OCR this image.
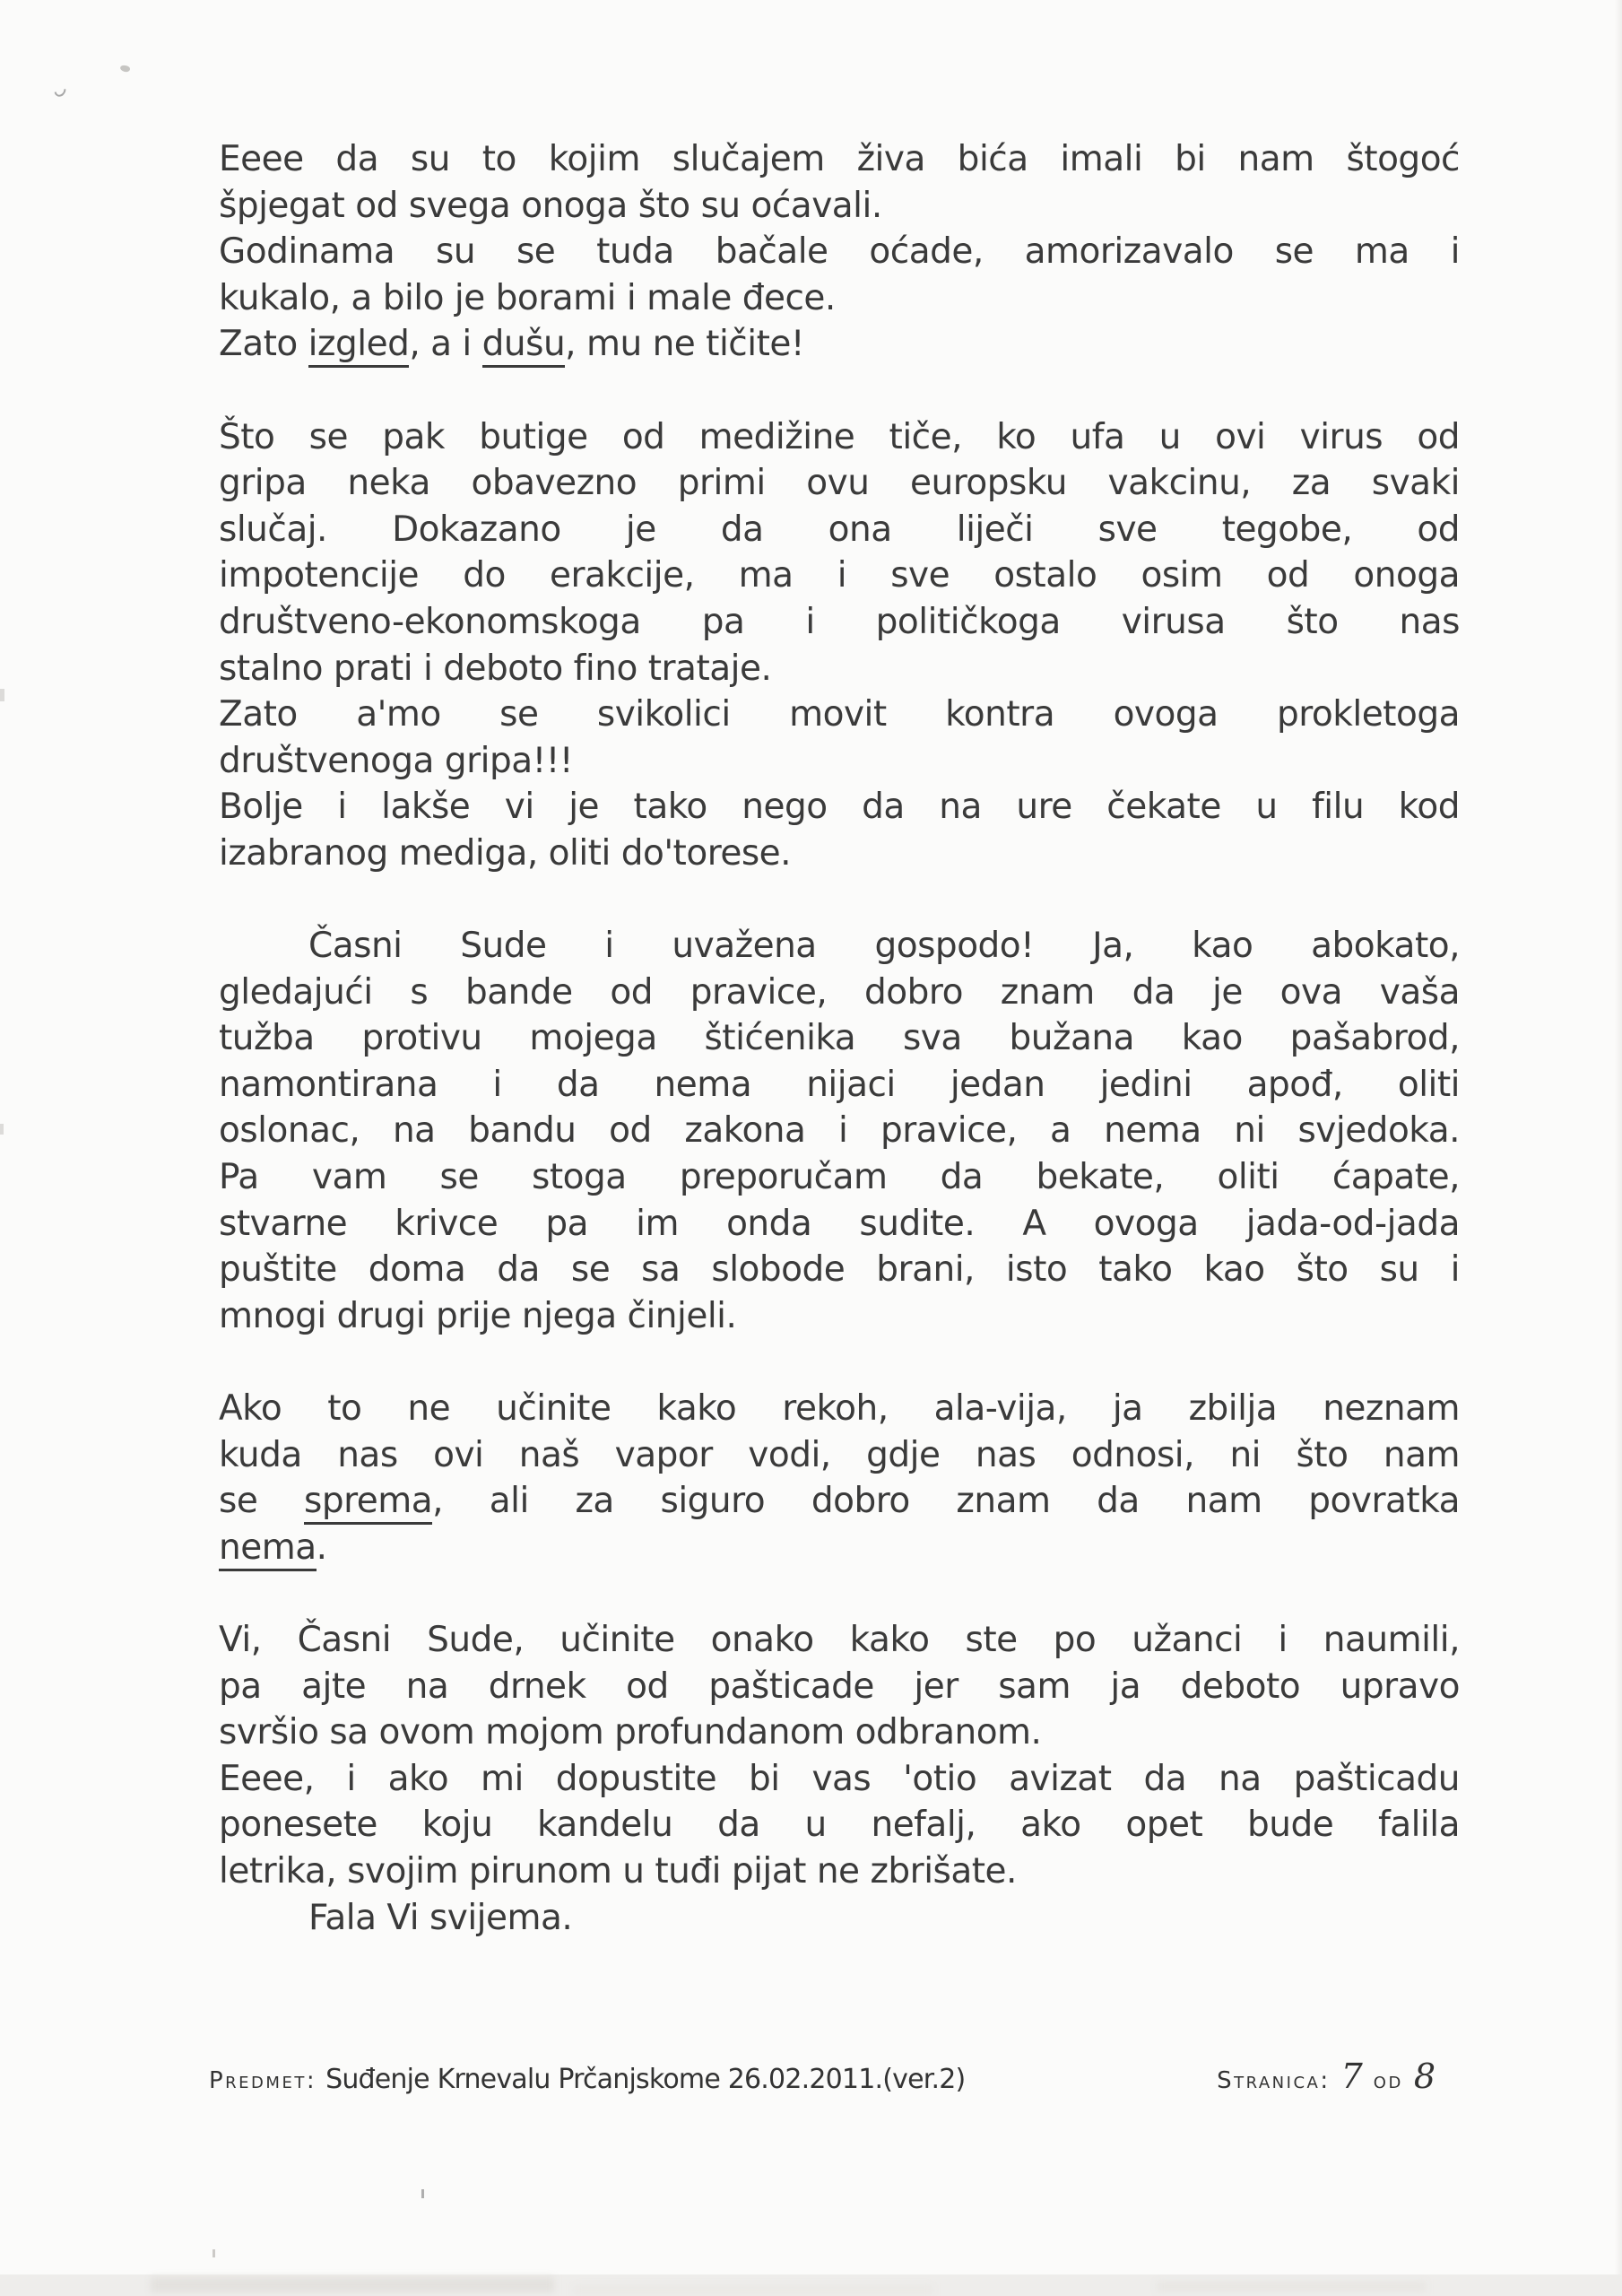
Eeee da su to kojim slučajem živa bića imali bi nam štogoć
špjegat od svega onoga što su oćavali.
Godinama su se tuda bačale oćade, amorizavalo se ma i
kukalo, a bilo je borami i male đece.
Zato izgled, a i dušu, mu ne tičite!
Što se pak butige od medižine tiče, ko ufa u ovi virus od
gripa neka obavezno primi ovu europsku vakcinu, za svaki
slučaj. Dokazano je da ona liječi sve tegobe, od
impotencije do erakcije, ma i sve ostalo osim od onoga
društveno-ekonomskoga pa i političkoga virusa što nas
stalno prati i deboto fino trataje.
Zato a'mo se svikolici movit kontra ovoga prokletoga
društvenoga gripa!!!
Bolje i lakše vi je tako nego da na ure čekate u filu kod
izabranog mediga, oliti do'torese.
Časni Sude i uvažena gospodo! Ja, kao abokato,
gledajući s bande od pravice, dobro znam da je ova vaša
tužba protivu mojega štićenika sva bužana kao pašabrod,
namontirana i da nema nijaci jedan jedini apođ, oliti
oslonac, na bandu od zakona i pravice, a nema ni svjedoka.
Pa vam se stoga preporučam da bekate, oliti ćapate,
stvarne krivce pa im onda sudite. A ovoga jada-od-jada
puštite doma da se sa slobode brani, isto tako kao što su i
mnogi drugi prije njega činjeli.
Ako to ne učinite kako rekoh, ala-vija, ja zbilja neznam
kuda nas ovi naš vapor vodi, gdje nas odnosi, ni što nam
se sprema, ali za siguro dobro znam da nam povratka
nema.
Vi, Časni Sude, učinite onako kako ste po užanci i naumili,
pa ajte na drnek od pašticade jer sam ja deboto upravo
svršio sa ovom mojom profundanom odbranom.
Eeee, i ako mi dopustite bi vas 'otio avizat da na pašticadu
ponesete koju kandelu da u nefalj, ako opet bude falila
letrika, svojim pirunom u tuđi pijat ne zbrišate.
Fala Vi svijema.
Predmet: Suđenje Krnevalu Prčanjskome 26.02.2011.(ver.2)	Stranica: 7 od 8
